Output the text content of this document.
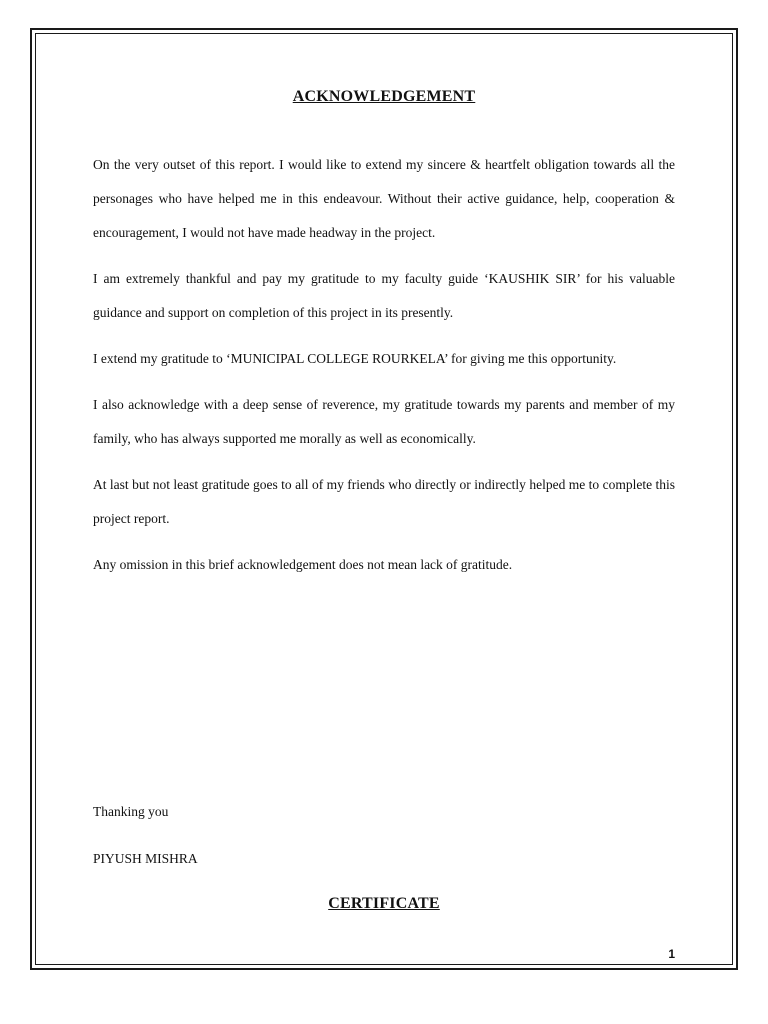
ACKNOWLEDGEMENT

On the very outset of this report. I would like to extend my sincere & heartfelt obligation towards all the personages who have helped me in this endeavour. Without their active guidance, help, cooperation & encouragement, I would not have made headway in the project.

I am extremely thankful and pay my gratitude to my faculty guide ‘KAUSHIK SIR’ for his valuable guidance and support on completion of this project in its presently.

I extend my gratitude to ‘MUNICIPAL COLLEGE ROURKELA’ for giving me this opportunity.

I also acknowledge with a deep sense of reverence, my gratitude towards my parents and member of my family, who has always supported me morally as well as economically.

At last but not least gratitude goes to all of my friends who directly or indirectly helped me to complete this project report.

Any omission in this brief acknowledgement does not mean lack of gratitude.

Thanking you
PIYUSH MISHRA
CERTIFICATE
1
